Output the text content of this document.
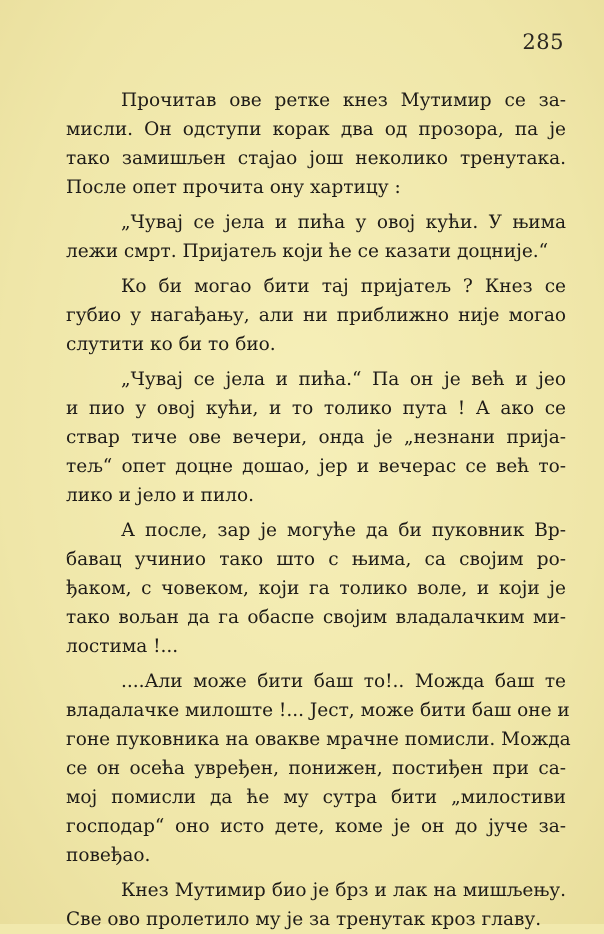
285
Прочитав ове ретке кнез Мутимир се за-
мисли. Он одступи корак два од прозора, па је
тако замишљен стајао још неколико тренутака.
После опет прочита ону хартицу :
„Чувај се јела и пића у овој кући. У њима
лежи смрт. Пријатељ који ће се казати доцније.“
Ко би могао бити тај пријатељ ? Кнез се
губио у нагађању, али ни приближно није могао
слутити ко би то био.
„Чувај се јела и пића.“ Па он је већ и јео
и пио у овој кући, и то толико пута ! А ако се
ствар тиче ове вечери, онда је „незнани прија-
тељ“ опет доцне дошао, јер и вечерас се већ то-
лико и јело и пило.
А после, зар је могуће да би пуковник Вр-
бавац учинио тако што с њима, са својим ро-
ђаком, с човеком, који га толико воле, и који је
тако вољан да га обаспе својим владалачким ми-
лостима !...
....Али може бити баш то!.. Можда баш те
владалачке милоште !... Јест, може бити баш оне и
гоне пуковника на овакве мрачне помисли. Можда
се он осећа увређен, понижен, постиђен при са-
мој помисли да ће му сутра бити „милостиви
господар“ оно исто дете, коме је он до јуче за-
повеђао.
Кнез Мутимир био је брз и лак на мишљењу.
Све ово пролетило му је за тренутак кроз главу.
